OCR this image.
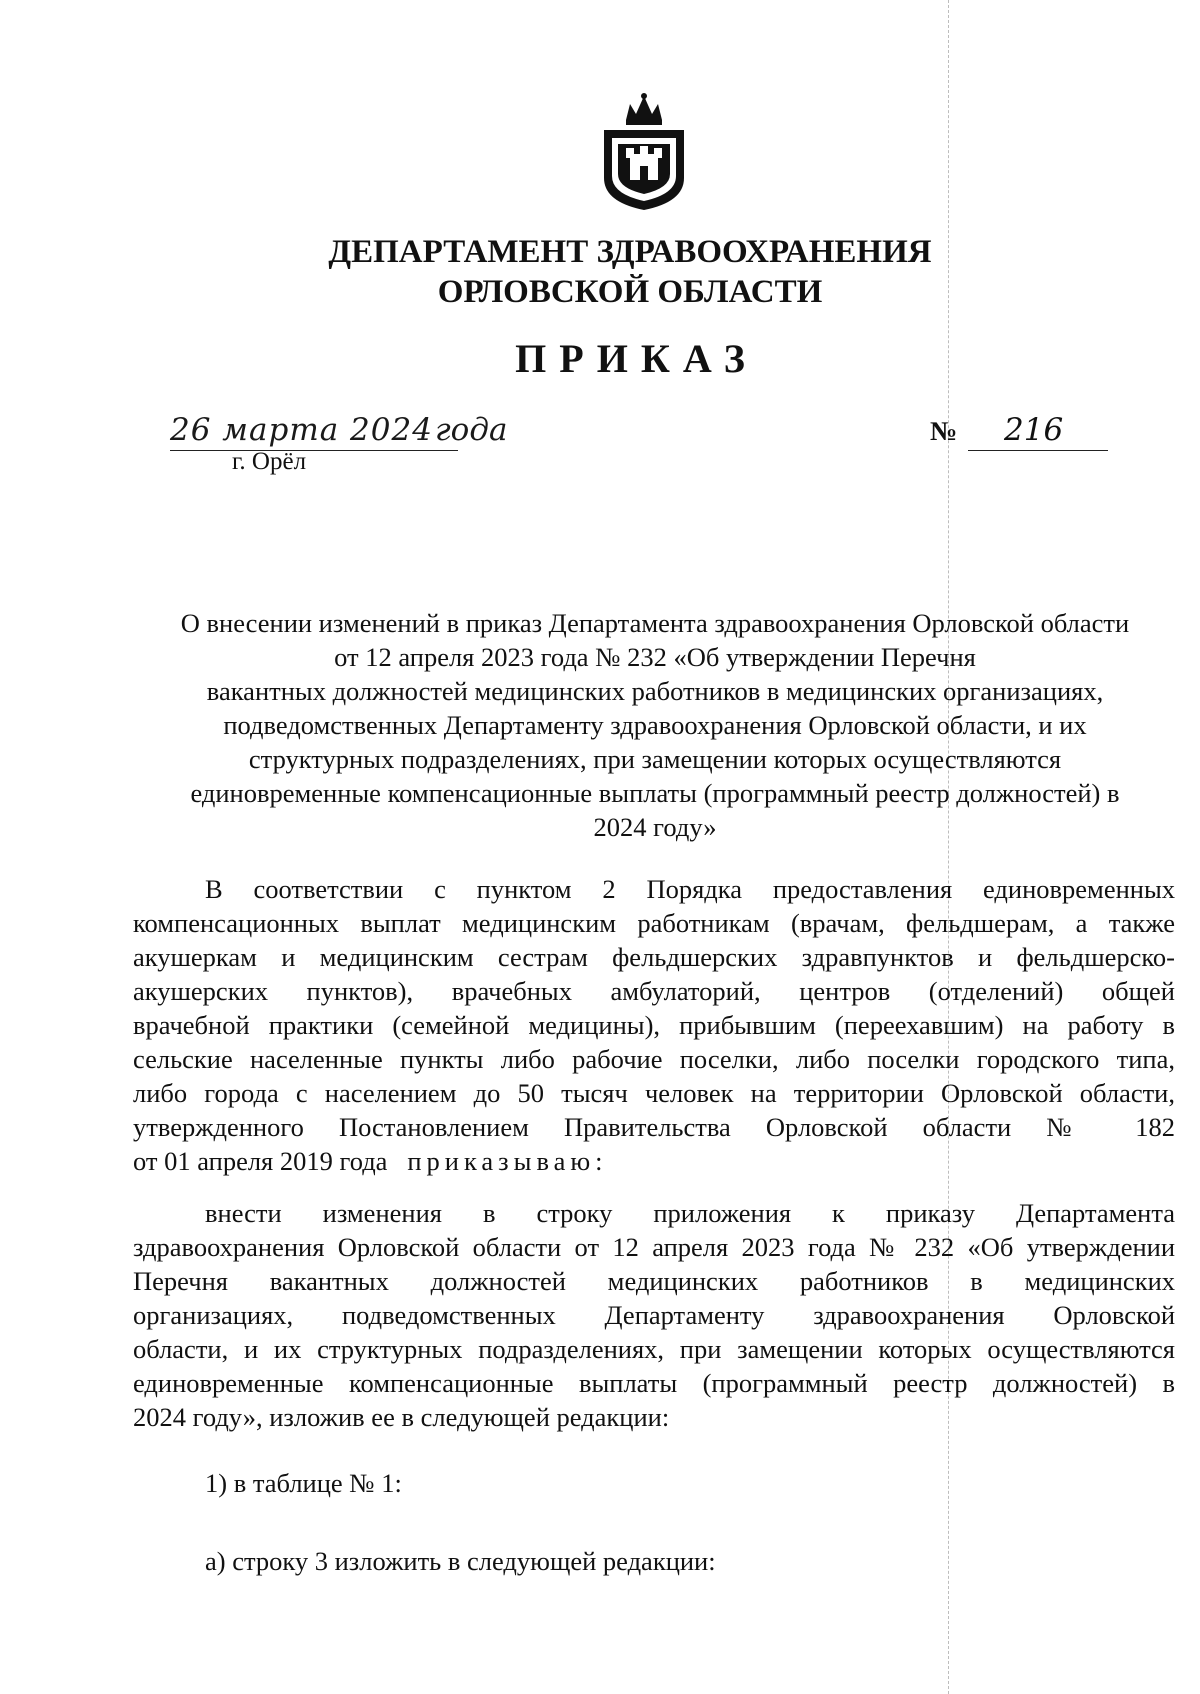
ДЕПАРТАМЕНТ ЗДРАВООХРАНЕНИЯ
ОРЛОВСКОЙ ОБЛАСТИ
ПРИКАЗ
26 марта 2024 года
г. Орёл
№	216
О внесении изменений в приказ Департамента здравоохранения Орловской области
от 12 апреля 2023 года № 232 «Об утверждении Перечня
вакантных должностей медицинских работников в медицинских организациях,
подведомственных Департаменту здравоохранения Орловской области, и их
структурных подразделениях, при замещении которых осуществляются
единовременные компенсационные выплаты (программный реестр должностей) в
2024 году»
В соответствии с пунктом 2 Порядка предоставления единовременных
компенсационных выплат медицинским работникам (врачам, фельдшерам, а также
акушеркам и медицинским сестрам фельдшерских здравпунктов и фельдшерско-
акушерских пунктов), врачебных амбулаторий, центров (отделений) общей
врачебной практики (семейной медицины), прибывшим (переехавшим) на работу в
сельские населенные пункты либо рабочие поселки, либо поселки городского типа,
либо города с населением до 50 тысяч человек на территории Орловской области,
утвержденного Постановлением Правительства Орловской области № 182
от 01 апреля 2019 года приказываю:
внести изменения в строку приложения к приказу Департамента
здравоохранения Орловской области от 12 апреля 2023 года № 232 «Об утверждении
Перечня вакантных должностей медицинских работников в медицинских
организациях, подведомственных Департаменту здравоохранения Орловской
области, и их структурных подразделениях, при замещении которых осуществляются
единовременные компенсационные выплаты (программный реестр должностей) в
2024 году», изложив ее в следующей редакции:
1) в таблице № 1:
а) строку 3 изложить в следующей редакции:
